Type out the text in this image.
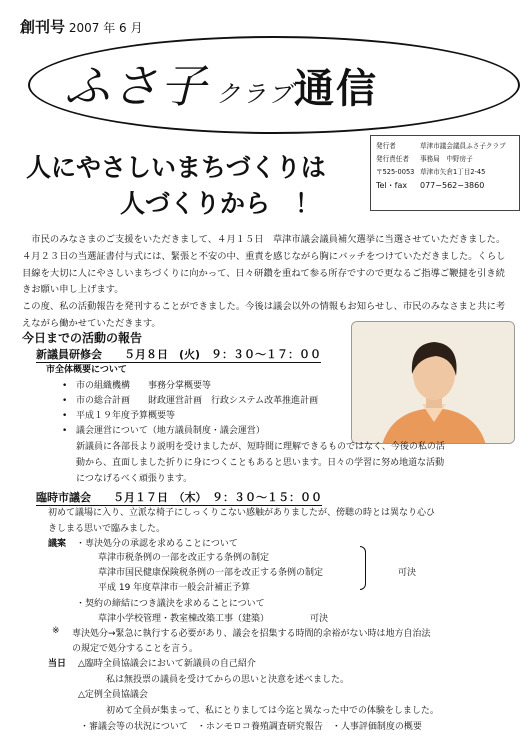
創刊号 2007 年 6 月
ふさ子 クラブ通信
発行者	草津市議会議員ふさ子クラブ
発行責任者	事務局　中野房子
〒525-0053 草津市矢倉1丁目2-45
Tel・fax	077−562−3860
人にやさしいまちづくりは
人づくりから　！
　市民のみなさまのご支援をいただきまして、４月１５日　草津市議会議員補欠選挙に当選させていただきました。４月２３日の当選証書付与式には、緊張と不安の中、重責を感じながら胸にバッチをつけていただきました。くらし目線を大切に人にやさしいまちづくりに向かって、日々研鑽を重ねて参る所存ですので更なるご指導ご鞭撻を引き続きお願い申し上げます。
この度、私の活動報告を発刊することができました。今後は議会以外の情報もお知らせし、市民のみなさまと共に考えながら働かせていただきます。
今日までの活動の報告
新議員研修会　　５月８日　(火)　９：３０～１７：００
市全体概要について
• 市の組織機構　　事務分掌概要等
• 市の総合計画　　財政運営計画　行政システム改革推進計画
• 平成１９年度予算概要等
• 議会運営について（地方議員制度・議会運営）
新議員に各部長より説明を受けましたが、短時間に理解できるものではなく、今後の私の活
動から、直面しました折りに身につくこともあると思います。日々の学習に努め地道な活動
につなげるべく頑張ります。
臨時市議会　　５月１７日　（木）　９：３０～１５：００
初めて議場に入り、立派な椅子にしっくりこない感触がありましたが、傍聴の時とは異なり心ひ
きしまる思いで臨みました。
議案 ・専決処分の承認を求めることについて
草津市税条例の一部を改正する条例の制定
草津市国民健康保険税条例の一部を改正する条例の制定
平成 19 年度草津市一般会計補正予算
可決
・契約の締結につき議決を求めることについて
草津小学校管理・教室棟改築工事（建築）	可決
※ 専決処分→緊急に執行する必要があり、議会を招集する時間的余裕がない時は地方自治法
の規定で処分することを言う。
当日 △臨時全員協議会において新議員の自己紹介
私は無投票の議員を受けてからの思いと決意を述べました。
△定例全員協議会
初めて全員が集まって、私にとりましては今迄と異なった中での体験をしました。
・審議会等の状況について　・ホンモロコ養殖調査研究報告　・人事評価制度の概要
